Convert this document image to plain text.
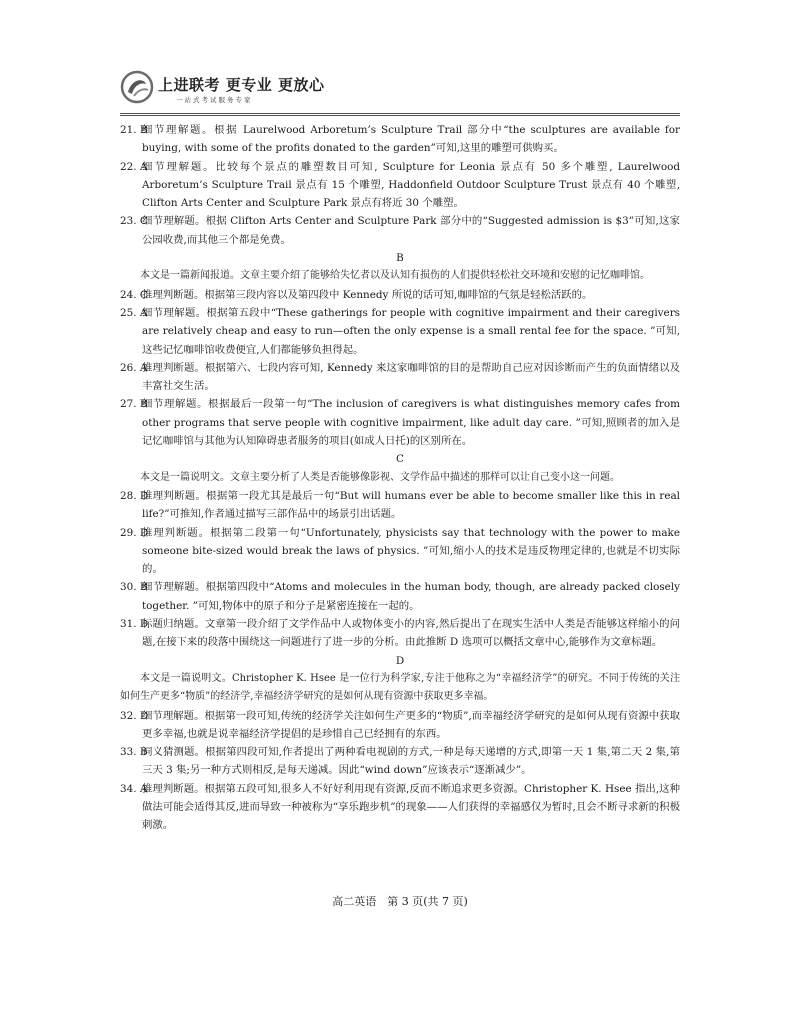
上进联考 更专业 更放心
一站式考试服务专家
21. B
细节理解题。根据 Laurelwood Arboretum’s Sculpture Trail 部分中“the sculptures are available for buying, with some of the profits donated to the garden”可知,这里的雕塑可供购买。
22. A
细节理解题。比较每个景点的雕塑数目可知, Sculpture for Leonia 景点有 50 多个雕塑, Laurelwood Arboretum’s Sculpture Trail 景点有 15 个雕塑, Haddonfield Outdoor Sculpture Trust 景点有 40 个雕塑, Clifton Arts Center and Sculpture Park 景点有将近 30 个雕塑。
23. C
细节理解题。根据 Clifton Arts Center and Sculpture Park 部分中的“Suggested admission is $3”可知,这家公园收费,而其他三个都是免费。
B
本文是一篇新闻报道。文章主要介绍了能够给失忆者以及认知有损伤的人们提供轻松社交环境和安慰的记忆咖啡馆。
24. C
推理判断题。根据第三段内容以及第四段中 Kennedy 所说的话可知,咖啡馆的气氛是轻松活跃的。
25. A
细节理解题。根据第五段中“These gatherings for people with cognitive impairment and their caregivers are relatively cheap and easy to run—often the only expense is a small rental fee for the space. ”可知,这些记忆咖啡馆收费便宜,人们都能够负担得起。
26. A
推理判断题。根据第六、七段内容可知, Kennedy 来这家咖啡馆的目的是帮助自己应对因诊断而产生的负面情绪以及丰富社交生活。
27. B
细节理解题。根据最后一段第一句“The inclusion of caregivers is what distinguishes memory cafes from other programs that serve people with cognitive impairment, like adult day care. ”可知,照顾者的加入是记忆咖啡馆与其他为认知障碍患者服务的项目(如成人日托)的区别所在。
C
本文是一篇说明文。文章主要分析了人类是否能够像影视、文学作品中描述的那样可以让自己变小这一问题。
28. D
推理判断题。根据第一段尤其是最后一句“But will humans ever be able to become smaller like this in real life?”可推知,作者通过描写三部作品中的场景引出话题。
29. D
推理判断题。根据第二段第一句“Unfortunately, physicists say that technology with the power to make someone bite-sized would break the laws of physics. ”可知,缩小人的技术是违反物理定律的,也就是不切实际的。
30. B
细节理解题。根据第四段中“Atoms and molecules in the human body, though, are already packed closely together. ”可知,物体中的原子和分子是紧密连接在一起的。
31. D
标题归纳题。文章第一段介绍了文学作品中人或物体变小的内容,然后提出了在现实生活中人类是否能够这样缩小的问题,在接下来的段落中围绕这一问题进行了进一步的分析。由此推断 D 选项可以概括文章中心,能够作为文章标题。
D
本文是一篇说明文。Christopher K. Hsee 是一位行为科学家,专注于他称之为“幸福经济学”的研究。不同于传统的关注如何生产更多“物质”的经济学,幸福经济学研究的是如何从现有资源中获取更多幸福。
32. D
细节理解题。根据第一段可知,传统的经济学关注如何生产更多的“物质”,而幸福经济学研究的是如何从现有资源中获取更多幸福,也就是说幸福经济学提倡的是珍惜自己已经拥有的东西。
33. B
词义猜测题。根据第四段可知,作者提出了两种看电视剧的方式,一种是每天递增的方式,即第一天 1 集,第二天 2 集,第三天 3 集;另一种方式则相反,是每天递减。因此“wind down”应该表示“逐渐减少”。
34. A
推理判断题。根据第五段可知,很多人不好好利用现有资源,反而不断追求更多资源。Christopher K. Hsee 指出,这种做法可能会适得其反,进而导致一种被称为“享乐跑步机”的现象——人们获得的幸福感仅为暂时,且会不断寻求新的积极刺激。
高二英语　第 3 页(共 7 页)
